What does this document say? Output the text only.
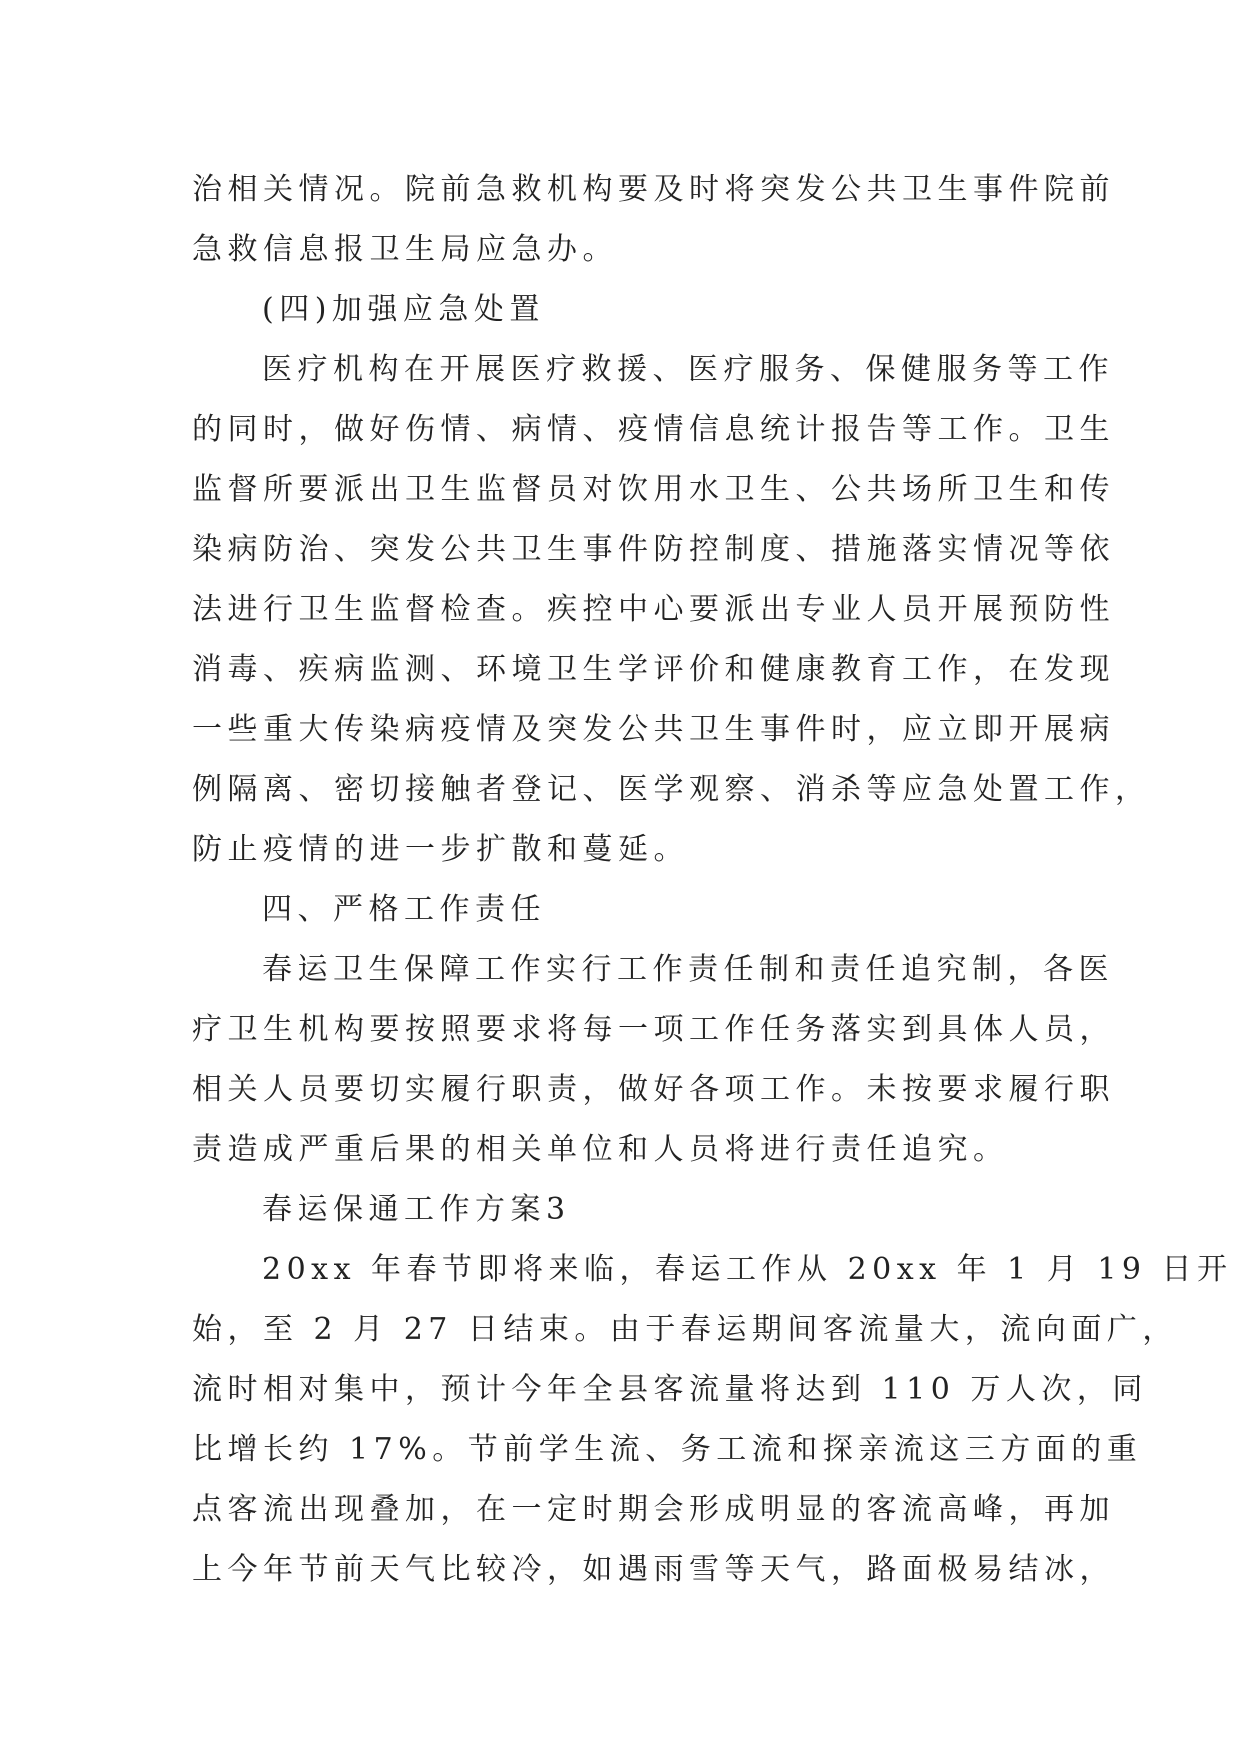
治相关情况。院前急救机构要及时将突发公共卫生事件院前
急救信息报卫生局应急办。
(四)加强应急处置
医疗机构在开展医疗救援、医疗服务、保健服务等工作
的同时，做好伤情、病情、疫情信息统计报告等工作。卫生
监督所要派出卫生监督员对饮用水卫生、公共场所卫生和传
染病防治、突发公共卫生事件防控制度、措施落实情况等依
法进行卫生监督检查。疾控中心要派出专业人员开展预防性
消毒、疾病监测、环境卫生学评价和健康教育工作，在发现
一些重大传染病疫情及突发公共卫生事件时，应立即开展病
例隔离、密切接触者登记、医学观察、消杀等应急处置工作，
防止疫情的进一步扩散和蔓延。
四、严格工作责任
春运卫生保障工作实行工作责任制和责任追究制，各医
疗卫生机构要按照要求将每一项工作任务落实到具体人员，
相关人员要切实履行职责，做好各项工作。未按要求履行职
责造成严重后果的相关单位和人员将进行责任追究。
春运保通工作方案3
20xx 年春节即将来临，春运工作从 20xx 年 1 月 19 日开
始，至 2 月 27 日结束。由于春运期间客流量大，流向面广，
流时相对集中，预计今年全县客流量将达到 110 万人次，同
比增长约 17%。节前学生流、务工流和探亲流这三方面的重
点客流出现叠加，在一定时期会形成明显的客流高峰，再加
上今年节前天气比较冷，如遇雨雪等天气，路面极易结冰，
